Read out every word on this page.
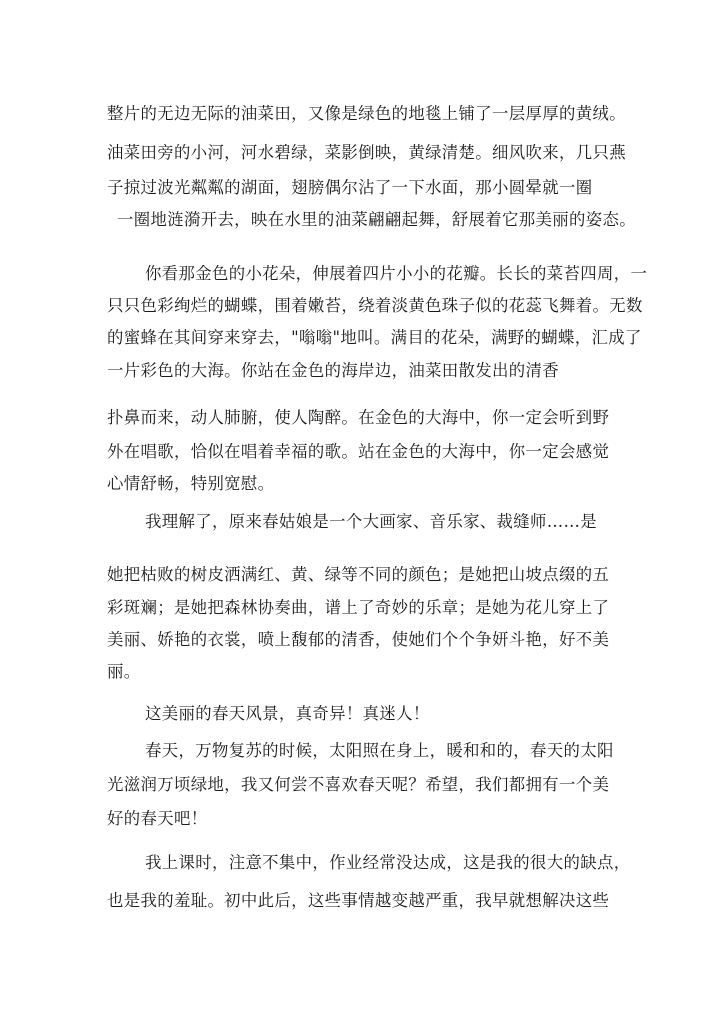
整片的无边无际的油菜田，又像是绿色的地毯上铺了一层厚厚的黄绒。
油菜田旁的小河，河水碧绿，菜影倒映，黄绿清楚。细风吹来，几只燕
子掠过波光粼粼的湖面，翅膀偶尔沾了一下水面，那小圆晕就一圈
一圈地涟漪开去，映在水里的油菜翩翩起舞，舒展着它那美丽的姿态。
你看那金色的小花朵，伸展着四片小小的花瓣。长长的菜苔四周，一
只只色彩绚烂的蝴蝶，围着嫩苔，绕着淡黄色珠子似的花蕊飞舞着。无数
的蜜蜂在其间穿来穿去，"嗡嗡"地叫。满目的花朵，满野的蝴蝶，汇成了
一片彩色的大海。你站在金色的海岸边，油菜田散发出的清香
扑鼻而来，动人肺腑，使人陶醉。在金色的大海中，你一定会听到野
外在唱歌，恰似在唱着幸福的歌。站在金色的大海中，你一定会感觉
心情舒畅，特别宽慰。
我理解了，原来春姑娘是一个大画家、音乐家、裁缝师……是
她把枯败的树皮洒满红、黄、绿等不同的颜色；是她把山坡点缀的五
彩斑斓；是她把森林协奏曲，谱上了奇妙的乐章；是她为花儿穿上了
美丽、娇艳的衣裳，喷上馥郁的清香，使她们个个争妍斗艳，好不美
丽。
这美丽的春天风景，真奇异！真迷人！
春天，万物复苏的时候，太阳照在身上，暖和和的，春天的太阳
光滋润万顷绿地，我又何尝不喜欢春天呢？希望，我们都拥有一个美
好的春天吧！
我上课时，注意不集中，作业经常没达成，这是我的很大的缺点，
也是我的羞耻。初中此后，这些事情越变越严重，我早就想解决这些
